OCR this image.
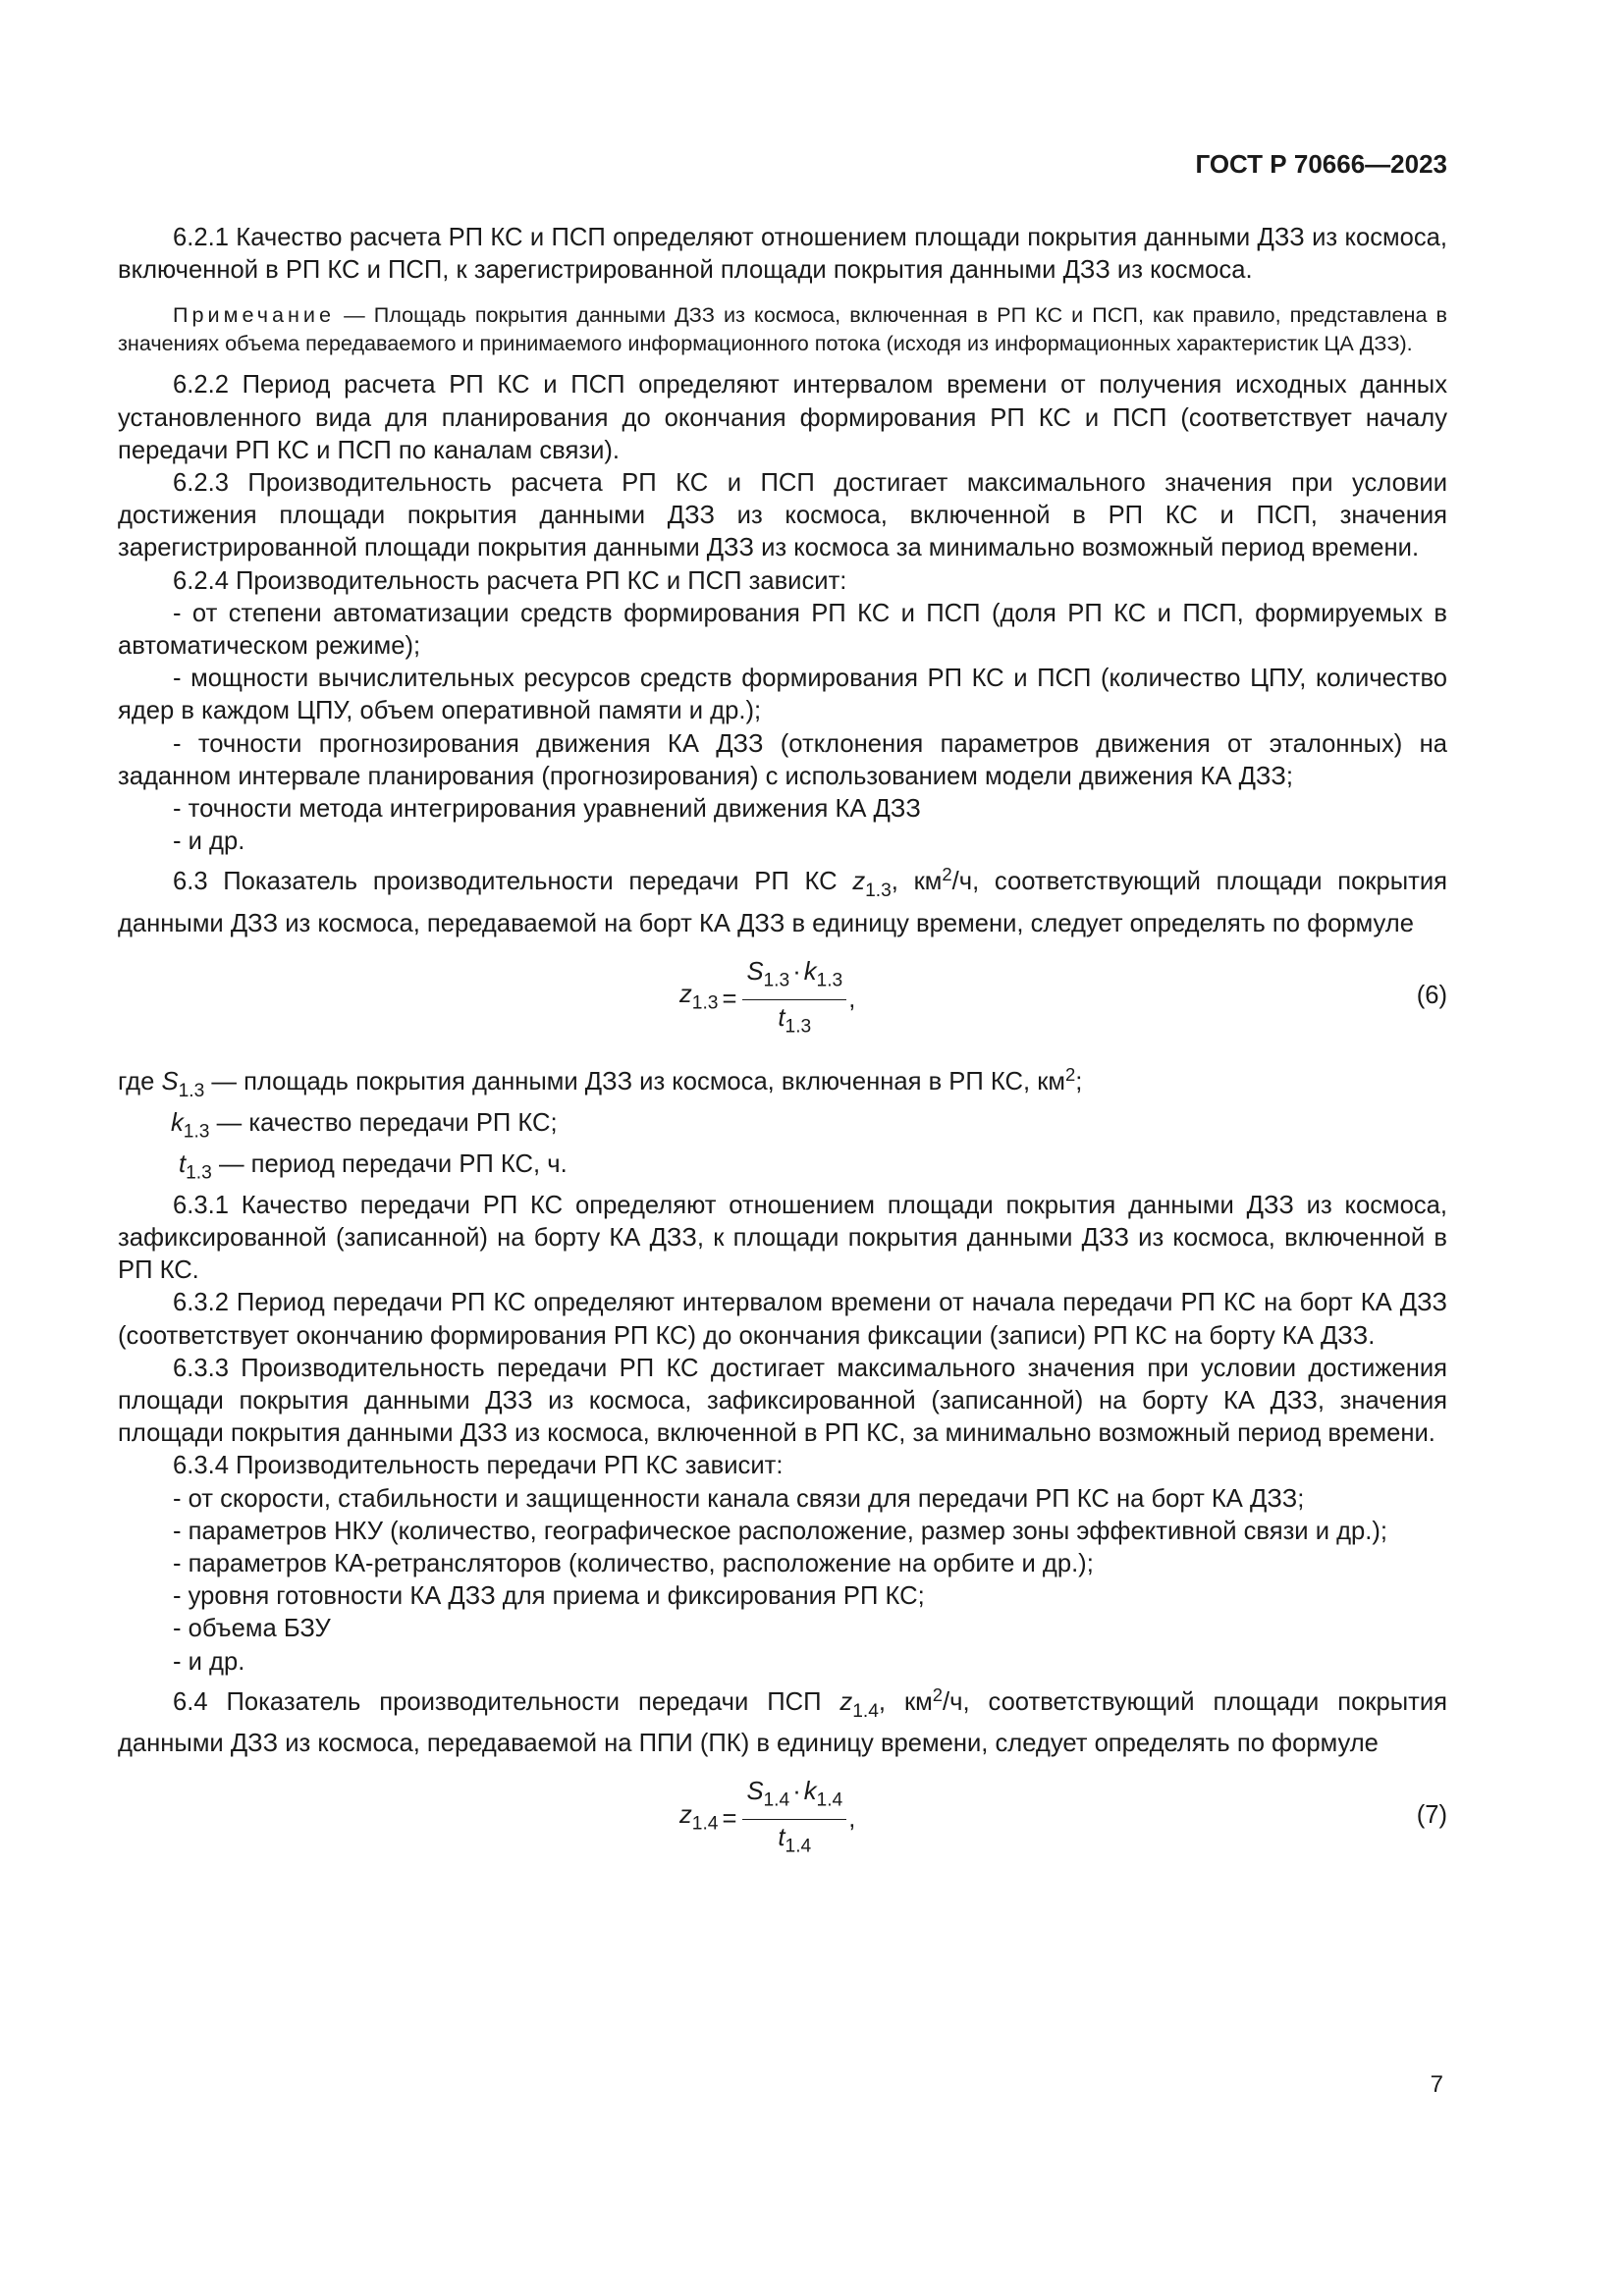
ГОСТ Р 70666—2023

6.2.1 Качество расчета РП КС и ПСП определяют отношением площади покрытия данными ДЗЗ из космоса, включенной в РП КС и ПСП, к зарегистрированной площади покрытия данными ДЗЗ из космоса.

Примечание — Площадь покрытия данными ДЗЗ из космоса, включенная в РП КС и ПСП, как правило, представлена в значениях объема передаваемого и принимаемого информационного потока (исходя из информационных характеристик ЦА ДЗЗ).

6.2.2 Период расчета РП КС и ПСП определяют интервалом времени от получения исходных данных установленного вида для планирования до окончания формирования РП КС и ПСП (соответствует началу передачи РП КС и ПСП по каналам связи).

6.2.3 Производительность расчета РП КС и ПСП достигает максимального значения при условии достижения площади покрытия данными ДЗЗ из космоса, включенной в РП КС и ПСП, значения зарегистрированной площади покрытия данными ДЗЗ из космоса за минимально возможный период времени.

6.2.4 Производительность расчета РП КС и ПСП зависит:

- от степени автоматизации средств формирования РП КС и ПСП (доля РП КС и ПСП, формируемых в автоматическом режиме);

- мощности вычислительных ресурсов средств формирования РП КС и ПСП (количество ЦПУ, количество ядер в каждом ЦПУ, объем оперативной памяти и др.);

- точности прогнозирования движения КА ДЗЗ (отклонения параметров движения от эталонных) на заданном интервале планирования (прогнозирования) с использованием модели движения КА ДЗЗ;

- точности метода интегрирования уравнений движения КА ДЗЗ

- и др.

6.3 Показатель производительности передачи РП КС $z_{1.3}$, $км^2/ч$, соответствующий площади покрытия данными ДЗЗ из космоса, передаваемой на борт КА ДЗЗ в единицу времени, следует определять по формуле

$z_{1.3} = \frac{S_{1.3} \cdot k_{1.3}}{t_{1.3}}$ ,	(6)

где $S_{1.3}$ — площадь покрытия данными ДЗЗ из космоса, включенная в РП КС, $км^2$;

$k_{1.3}$ — качество передачи РП КС;

$t_{1.3}$ — период передачи РП КС, ч.

6.3.1 Качество передачи РП КС определяют отношением площади покрытия данными ДЗЗ из космоса, зафиксированной (записанной) на борту КА ДЗЗ, к площади покрытия данными ДЗЗ из космоса, включенной в РП КС.

6.3.2 Период передачи РП КС определяют интервалом времени от начала передачи РП КС на борт КА ДЗЗ (соответствует окончанию формирования РП КС) до окончания фиксации (записи) РП КС на борту КА ДЗЗ.

6.3.3 Производительность передачи РП КС достигает максимального значения при условии достижения площади покрытия данными ДЗЗ из космоса, зафиксированной (записанной) на борту КА ДЗЗ, значения площади покрытия данными ДЗЗ из космоса, включенной в РП КС, за минимально возможный период времени.

6.3.4 Производительность передачи РП КС зависит:

- от скорости, стабильности и защищенности канала связи для передачи РП КС на борт КА ДЗЗ;

- параметров НКУ (количество, географическое расположение, размер зоны эффективной связи и др.);

- параметров КА-ретрансляторов (количество, расположение на орбите и др.);

- уровня готовности КА ДЗЗ для приема и фиксирования РП КС;

- объема БЗУ

- и др.

6.4 Показатель производительности передачи ПСП $z_{1.4}$, $км^2/ч$, соответствующий площади покрытия данными ДЗЗ из космоса, передаваемой на ППИ (ПК) в единицу времени, следует определять по формуле

$z_{1.4} = \frac{S_{1.4} \cdot k_{1.4}}{t_{1.4}}$ ,	(7)
7
